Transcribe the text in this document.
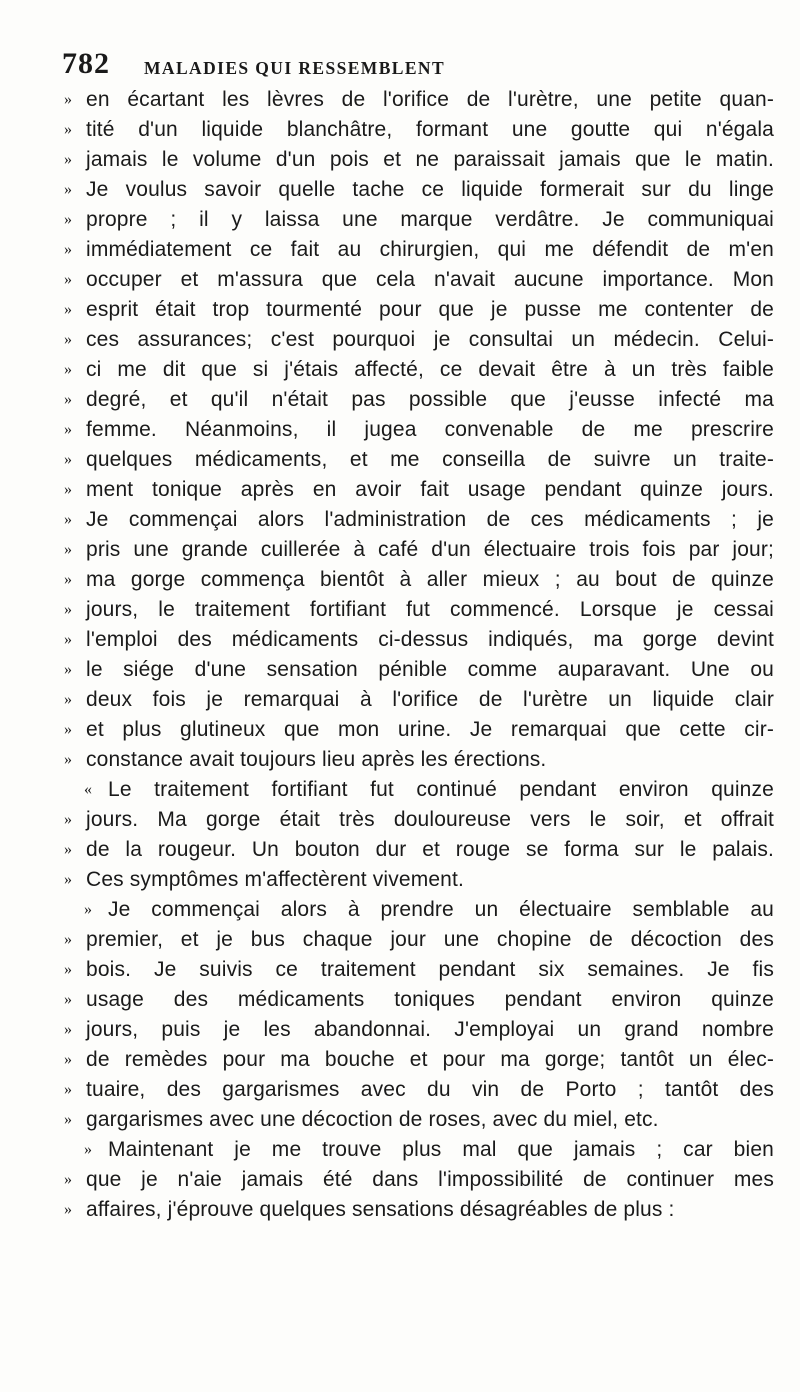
782 MALADIES QUI RESSEMBLENT
» en écartant les lèvres de l'orifice de l'urètre, une petite quan-
» tité d'un liquide blanchâtre, formant une goutte qui n'égala
» jamais le volume d'un pois et ne paraissait jamais que le matin.
» Je voulus savoir quelle tache ce liquide formerait sur du linge
» propre ; il y laissa une marque verdâtre. Je communiquai
» immédiatement ce fait au chirurgien, qui me défendit de m'en
» occuper et m'assura que cela n'avait aucune importance. Mon
» esprit était trop tourmenté pour que je pusse me contenter de
» ces assurances; c'est pourquoi je consultai un médecin. Celui-
» ci me dit que si j'étais affecté, ce devait être à un très faible
» degré, et qu'il n'était pas possible que j'eusse infecté ma
» femme. Néanmoins, il jugea convenable de me prescrire
» quelques médicaments, et me conseilla de suivre un traite-
» ment tonique après en avoir fait usage pendant quinze jours.
» Je commençai alors l'administration de ces médicaments ; je
» pris une grande cuillerée à café d'un électuaire trois fois par jour;
» ma gorge commença bientôt à aller mieux ; au bout de quinze
» jours, le traitement fortifiant fut commencé. Lorsque je cessai
» l'emploi des médicaments ci-dessus indiqués, ma gorge devint
» le siége d'une sensation pénible comme auparavant. Une ou
» deux fois je remarquai à l'orifice de l'urètre un liquide clair
» et plus glutineux que mon urine. Je remarquai que cette cir-
» constance avait toujours lieu après les érections.
« Le traitement fortifiant fut continué pendant environ quinze
» jours. Ma gorge était très douloureuse vers le soir, et offrait
» de la rougeur. Un bouton dur et rouge se forma sur le palais.
» Ces symptômes m'affectèrent vivement.
» Je commençai alors à prendre un électuaire semblable au
» premier, et je bus chaque jour une chopine de décoction des
» bois. Je suivis ce traitement pendant six semaines. Je fis
» usage des médicaments toniques pendant environ quinze
» jours, puis je les abandonnai. J'employai un grand nombre
» de remèdes pour ma bouche et pour ma gorge; tantôt un élec-
» tuaire, des gargarismes avec du vin de Porto ; tantôt des
» gargarismes avec une décoction de roses, avec du miel, etc.
» Maintenant je me trouve plus mal que jamais ; car bien
» que je n'aie jamais été dans l'impossibilité de continuer mes
» affaires, j'éprouve quelques sensations désagréables de plus :
